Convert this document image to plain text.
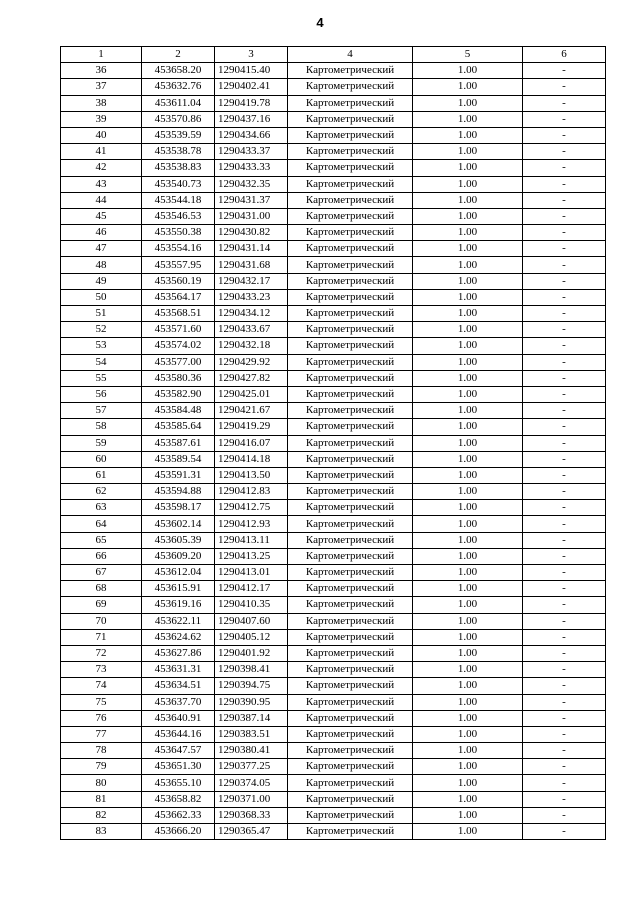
4
1	2	3	4	5	6
36	453658.20	1290415.40	Картометрический	1.00	-
37	453632.76	1290402.41	Картометрический	1.00	-
38	453611.04	1290419.78	Картометрический	1.00	-
39	453570.86	1290437.16	Картометрический	1.00	-
40	453539.59	1290434.66	Картометрический	1.00	-
41	453538.78	1290433.37	Картометрический	1.00	-
42	453538.83	1290433.33	Картометрический	1.00	-
43	453540.73	1290432.35	Картометрический	1.00	-
44	453544.18	1290431.37	Картометрический	1.00	-
45	453546.53	1290431.00	Картометрический	1.00	-
46	453550.38	1290430.82	Картометрический	1.00	-
47	453554.16	1290431.14	Картометрический	1.00	-
48	453557.95	1290431.68	Картометрический	1.00	-
49	453560.19	1290432.17	Картометрический	1.00	-
50	453564.17	1290433.23	Картометрический	1.00	-
51	453568.51	1290434.12	Картометрический	1.00	-
52	453571.60	1290433.67	Картометрический	1.00	-
53	453574.02	1290432.18	Картометрический	1.00	-
54	453577.00	1290429.92	Картометрический	1.00	-
55	453580.36	1290427.82	Картометрический	1.00	-
56	453582.90	1290425.01	Картометрический	1.00	-
57	453584.48	1290421.67	Картометрический	1.00	-
58	453585.64	1290419.29	Картометрический	1.00	-
59	453587.61	1290416.07	Картометрический	1.00	-
60	453589.54	1290414.18	Картометрический	1.00	-
61	453591.31	1290413.50	Картометрический	1.00	-
62	453594.88	1290412.83	Картометрический	1.00	-
63	453598.17	1290412.75	Картометрический	1.00	-
64	453602.14	1290412.93	Картометрический	1.00	-
65	453605.39	1290413.11	Картометрический	1.00	-
66	453609.20	1290413.25	Картометрический	1.00	-
67	453612.04	1290413.01	Картометрический	1.00	-
68	453615.91	1290412.17	Картометрический	1.00	-
69	453619.16	1290410.35	Картометрический	1.00	-
70	453622.11	1290407.60	Картометрический	1.00	-
71	453624.62	1290405.12	Картометрический	1.00	-
72	453627.86	1290401.92	Картометрический	1.00	-
73	453631.31	1290398.41	Картометрический	1.00	-
74	453634.51	1290394.75	Картометрический	1.00	-
75	453637.70	1290390.95	Картометрический	1.00	-
76	453640.91	1290387.14	Картометрический	1.00	-
77	453644.16	1290383.51	Картометрический	1.00	-
78	453647.57	1290380.41	Картометрический	1.00	-
79	453651.30	1290377.25	Картометрический	1.00	-
80	453655.10	1290374.05	Картометрический	1.00	-
81	453658.82	1290371.00	Картометрический	1.00	-
82	453662.33	1290368.33	Картометрический	1.00	-
83	453666.20	1290365.47	Картометрический	1.00	-
